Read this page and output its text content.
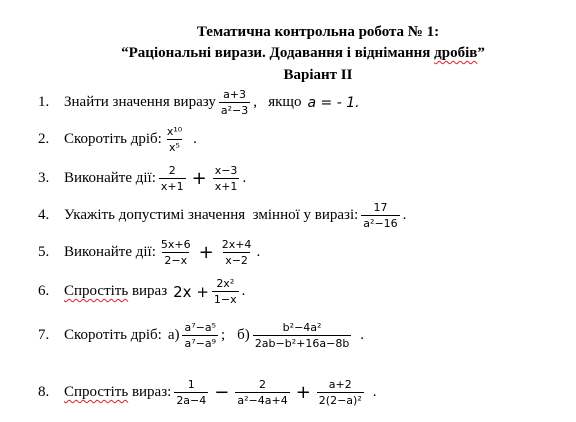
Тематична контрольна робота № 1:
“Раціональні вирази. Додавання і віднімання дробів”
Варіант II
1. Знайти значення виразу $\frac{a+3}{\text{a²−3}}$ ,   якщо a = - 1.
2. Скоротіть дріб: $\frac{\text{x¹⁰}}{\text{x⁵}}$ .
3. Виконайте дії: $\frac{2}{x+1} + \frac{x-3}{x+1}$ .
4. Укажіть допустимі значення  змінної у виразі: $\frac{17}{\text{a²−16}}$ .
5. Виконайте дії: $\frac{5x+6}{2-x} + \frac{2x+4}{x-2}$ .
6. Спростіть вираз $2x + \frac{\text{2x²}}{1-x}$ .
7. Скоротіть дріб: $а) \frac{\text{a⁷−a⁵}}{\text{a⁷−a⁹}}$ ; $б) \frac{\text{b²−4a²}}{\text{2ab−b²+16a−8b}}$ .
8. Спростіть вираз: $\frac{1}{2a-4} - \frac{2}{\text{a²−4a+4}} + \frac{a+2}{\text{2(2−a)²}}$ .
